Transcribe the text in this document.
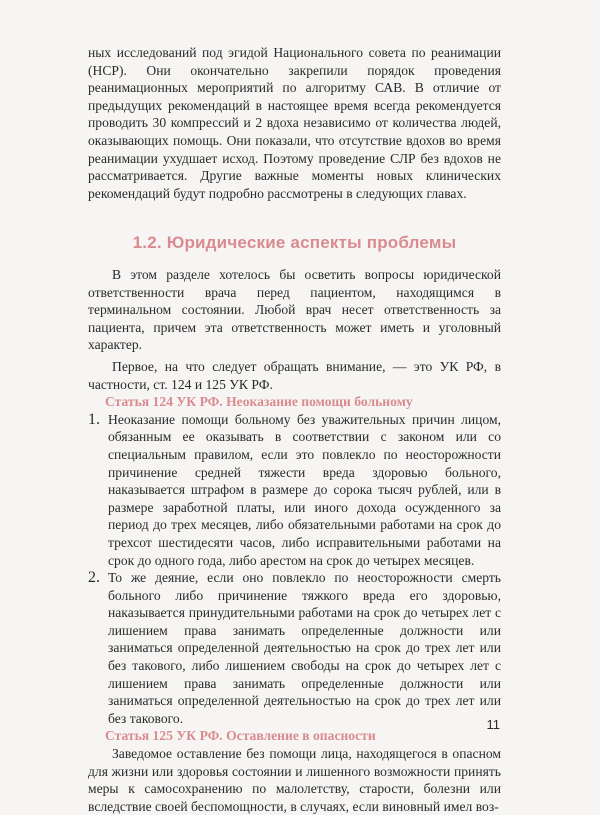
ных исследований под эгидой Национального совета по реанимации (НСР). Они окончательно закрепили порядок проведения реанимационных мероприятий по алгоритму САВ. В отличие от предыдущих рекомендаций в настоящее время всегда рекомендуется проводить 30 компрессий и 2 вдоха независимо от количества людей, оказывающих помощь. Они показали, что отсутствие вдохов во время реанимации ухудшает исход. Поэтому проведение СЛР без вдохов не рассматривается. Другие важные моменты новых клинических рекомендаций будут подробно рассмотрены в следующих главах.

1.2. Юридические аспекты проблемы

В этом разделе хотелось бы осветить вопросы юридической ответственности врача перед пациентом, находящимся в терминальном состоянии. Любой врач несет ответственность за пациента, причем эта ответственность может иметь и уголовный характер.

Первое, на что следует обращать внимание, — это УК РФ, в частности, ст. 124 и 125 УК РФ.

Статья 124 УК РФ. Неоказание помощи больному
1. Неоказание помощи больному без уважительных причин лицом, обязанным ее оказывать в соответствии с законом или со специальным правилом, если это повлекло по неосторожности причинение средней тяжести вреда здоровью больного, наказывается штрафом в размере до сорока тысяч рублей, или в размере заработной платы, или иного дохода осужденного за период до трех месяцев, либо обязательными работами на срок до трехсот шестидесяти часов, либо исправительными работами на срок до одного года, либо арестом на срок до четырех месяцев.

2. То же деяние, если оно повлекло по неосторожности смерть больного либо причинение тяжкого вреда его здоровью, наказывается принудительными работами на срок до четырех лет с лишением права занимать определенные должности или заниматься определенной деятельностью на срок до трех лет или без такового, либо лишением свободы на срок до четырех лет с лишением права занимать определенные должности или заниматься определенной деятельностью на срок до трех лет или без такового.

Статья 125 УК РФ. Оставление в опасности

Заведомое оставление без помощи лица, находящегося в опасном для жизни или здоровья состоянии и лишенного возможности принять меры к самосохранению по малолетству, старости, болезни или вследствие своей беспомощности, в случаях, если виновный имел воз-

11
